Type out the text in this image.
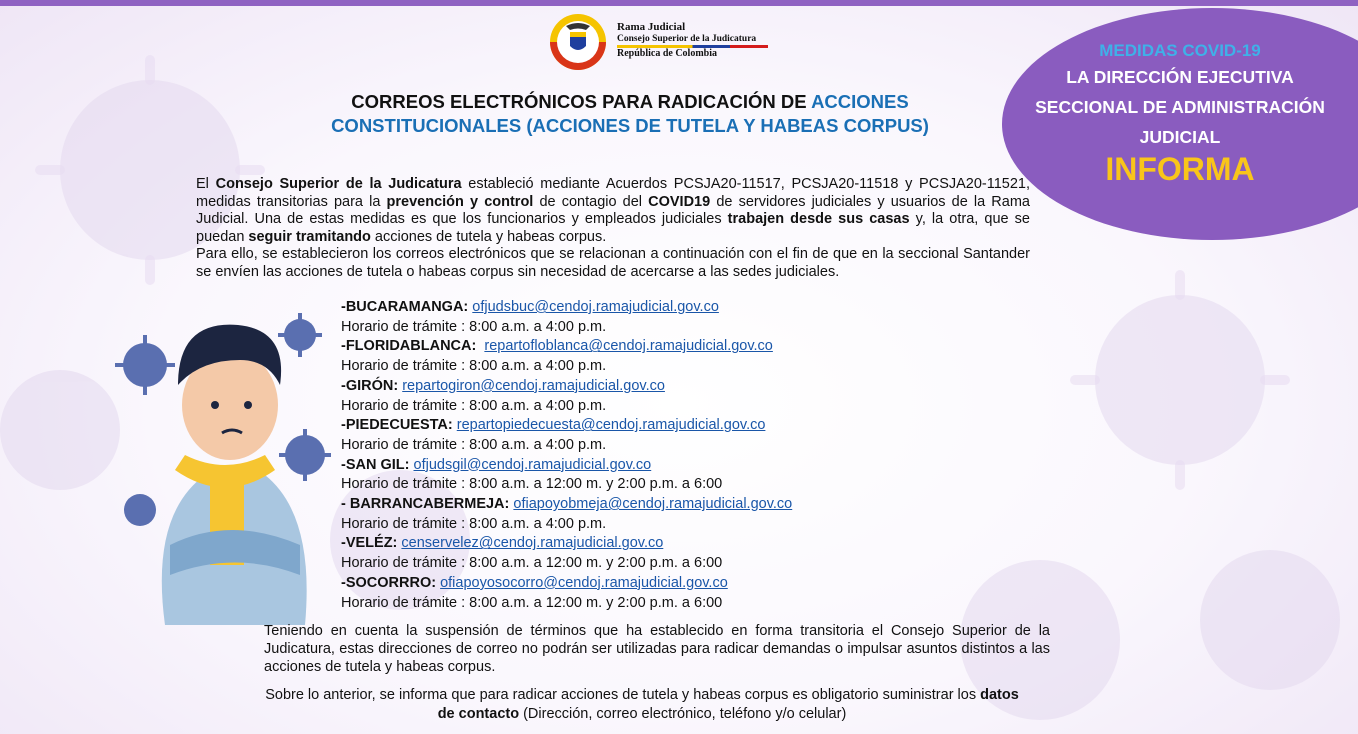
Rama Judicial
Consejo Superior de la Judicatura
República de Colombia
CORREOS ELECTRÓNICOS PARA RADICACIÓN DE ACCIONES CONSTITUCIONALES (ACCIONES DE TUTELA Y HABEAS CORPUS)
MEDIDAS COVID-19
LA DIRECCIÓN EJECUTIVA
SECCIONAL DE ADMINISTRACIÓN
JUDICIAL
INFORMA

El Consejo Superior de la Judicatura estableció mediante Acuerdos PCSJA20-11517, PCSJA20-11518 y PCSJA20-11521, medidas transitorias para la prevención y control de contagio del COVID19 de servidores judiciales y usuarios de la Rama Judicial. Una de estas medidas es que los funcionarios y empleados judiciales trabajen desde sus casas y, la otra, que se puedan seguir tramitando acciones de tutela y habeas corpus.

Para ello, se establecieron los correos electrónicos que se relacionan a continuación con el fin de que en la seccional Santander se envíen las acciones de tutela o habeas corpus sin necesidad de acercarse a las sedes judiciales.

-BUCARAMANGA: ofjudsbuc@cendoj.ramajudicial.gov.co
Horario de trámite : 8:00 a.m. a 4:00 p.m.
-FLORIDABLANCA: repartofloblanca@cendoj.ramajudicial.gov.co
Horario de trámite : 8:00 a.m. a 4:00 p.m.
-GIRÓN: repartogiron@cendoj.ramajudicial.gov.co
Horario de trámite : 8:00 a.m. a 4:00 p.m.
-PIEDECUESTA: repartopiedecuesta@cendoj.ramajudicial.gov.co
Horario de trámite : 8:00 a.m. a 4:00 p.m.
-SAN GIL: ofjudsgil@cendoj.ramajudicial.gov.co
Horario de trámite : 8:00 a.m. a 12:00 m. y 2:00 p.m. a 6:00
- BARRANCABERMEJA: ofiapoyobmeja@cendoj.ramajudicial.gov.co
Horario de trámite : 8:00 a.m. a 4:00 p.m.
-VELÉZ: censervelez@cendoj.ramajudicial.gov.co
Horario de trámite : 8:00 a.m. a 12:00 m. y 2:00 p.m. a 6:00
-SOCORRRO: ofiapoyosocorro@cendoj.ramajudicial.gov.co
Horario de trámite : 8:00 a.m. a 12:00 m. y 2:00 p.m. a 6:00
Teniendo en cuenta la suspensión de términos que ha establecido en forma transitoria el Consejo Superior de la Judicatura, estas direcciones de correo no podrán ser utilizadas para radicar demandas o impulsar asuntos distintos a las acciones de tutela y habeas corpus.
Sobre lo anterior, se informa que para radicar acciones de tutela y habeas corpus es obligatorio suministrar los datos de contacto (Dirección, correo electrónico, teléfono y/o celular)
